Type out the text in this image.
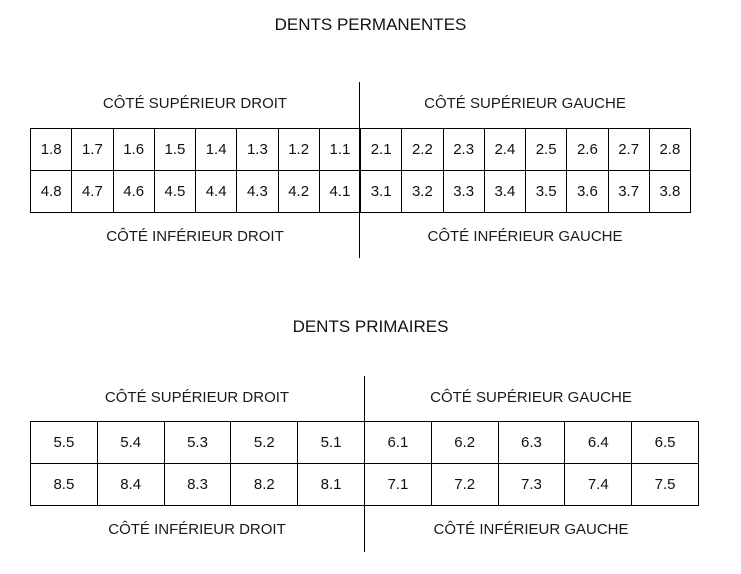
DENTS PERMANENTES
CÔTÉ SUPÉRIEUR DROIT	CÔTÉ SUPÉRIEUR GAUCHE
1.8	1.7	1.6	1.5	1.4	1.3	1.2	1.1	2.1	2.2	2.3	2.4	2.5	2.6	2.7	2.8
4.8	4.7	4.6	4.5	4.4	4.3	4.2	4.1	3.1	3.2	3.3	3.4	3.5	3.6	3.7	3.8
CÔTÉ INFÉRIEUR DROIT	CÔTÉ INFÉRIEUR GAUCHE
DENTS PRIMAIRES
CÔTÉ SUPÉRIEUR DROIT	CÔTÉ SUPÉRIEUR GAUCHE
5.5	5.4	5.3	5.2	5.1	6.1	6.2	6.3	6.4	6.5
8.5	8.4	8.3	8.2	8.1	7.1	7.2	7.3	7.4	7.5
CÔTÉ INFÉRIEUR DROIT	CÔTÉ INFÉRIEUR GAUCHE
